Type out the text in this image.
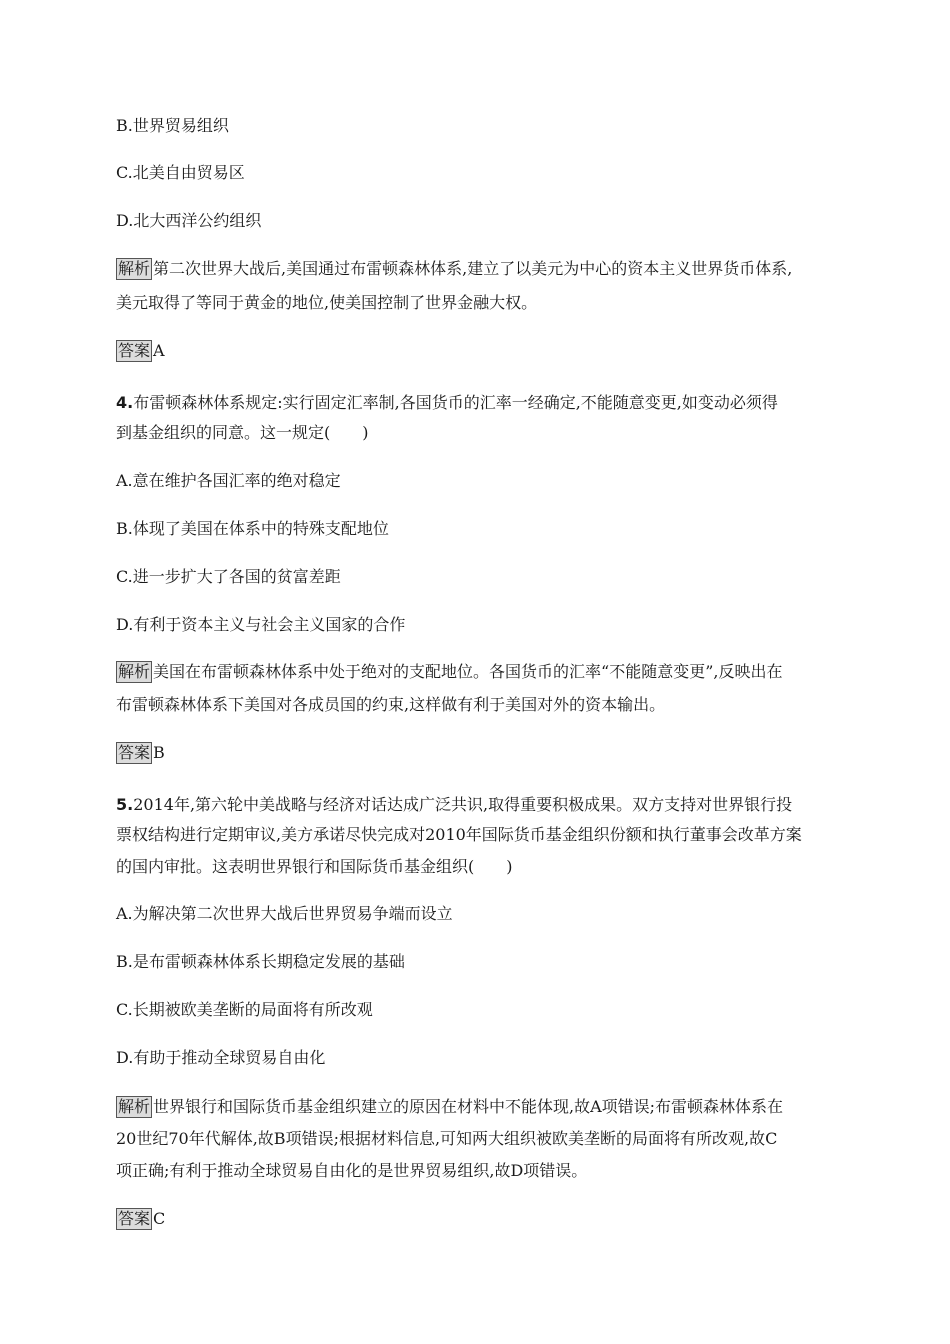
B.世界贸易组织
C.北美自由贸易区
D.北大西洋公约组织
解析 第二次世界大战后,美国通过布雷顿森林体系,建立了以美元为中心的资本主义世界货币体系,
美元取得了等同于黄金的地位,使美国控制了世界金融大权。
答案 A
4.布雷顿森林体系规定:实行固定汇率制,各国货币的汇率一经确定,不能随意变更,如变动必须得
到基金组织的同意。这一规定(　　)
A.意在维护各国汇率的绝对稳定
B.体现了美国在体系中的特殊支配地位
C.进一步扩大了各国的贫富差距
D.有利于资本主义与社会主义国家的合作
解析 美国在布雷顿森林体系中处于绝对的支配地位。各国货币的汇率“不能随意变更”,反映出在
布雷顿森林体系下美国对各成员国的约束,这样做有利于美国对外的资本输出。
答案 B
5.2014年,第六轮中美战略与经济对话达成广泛共识,取得重要积极成果。双方支持对世界银行投
票权结构进行定期审议,美方承诺尽快完成对2010年国际货币基金组织份额和执行董事会改革方案
的国内审批。这表明世界银行和国际货币基金组织(　　)
A.为解决第二次世界大战后世界贸易争端而设立
B.是布雷顿森林体系长期稳定发展的基础
C.长期被欧美垄断的局面将有所改观
D.有助于推动全球贸易自由化
解析 世界银行和国际货币基金组织建立的原因在材料中不能体现,故A项错误;布雷顿森林体系在
20世纪70年代解体,故B项错误;根据材料信息,可知两大组织被欧美垄断的局面将有所改观,故C
项正确;有利于推动全球贸易自由化的是世界贸易组织,故D项错误。
答案 C
